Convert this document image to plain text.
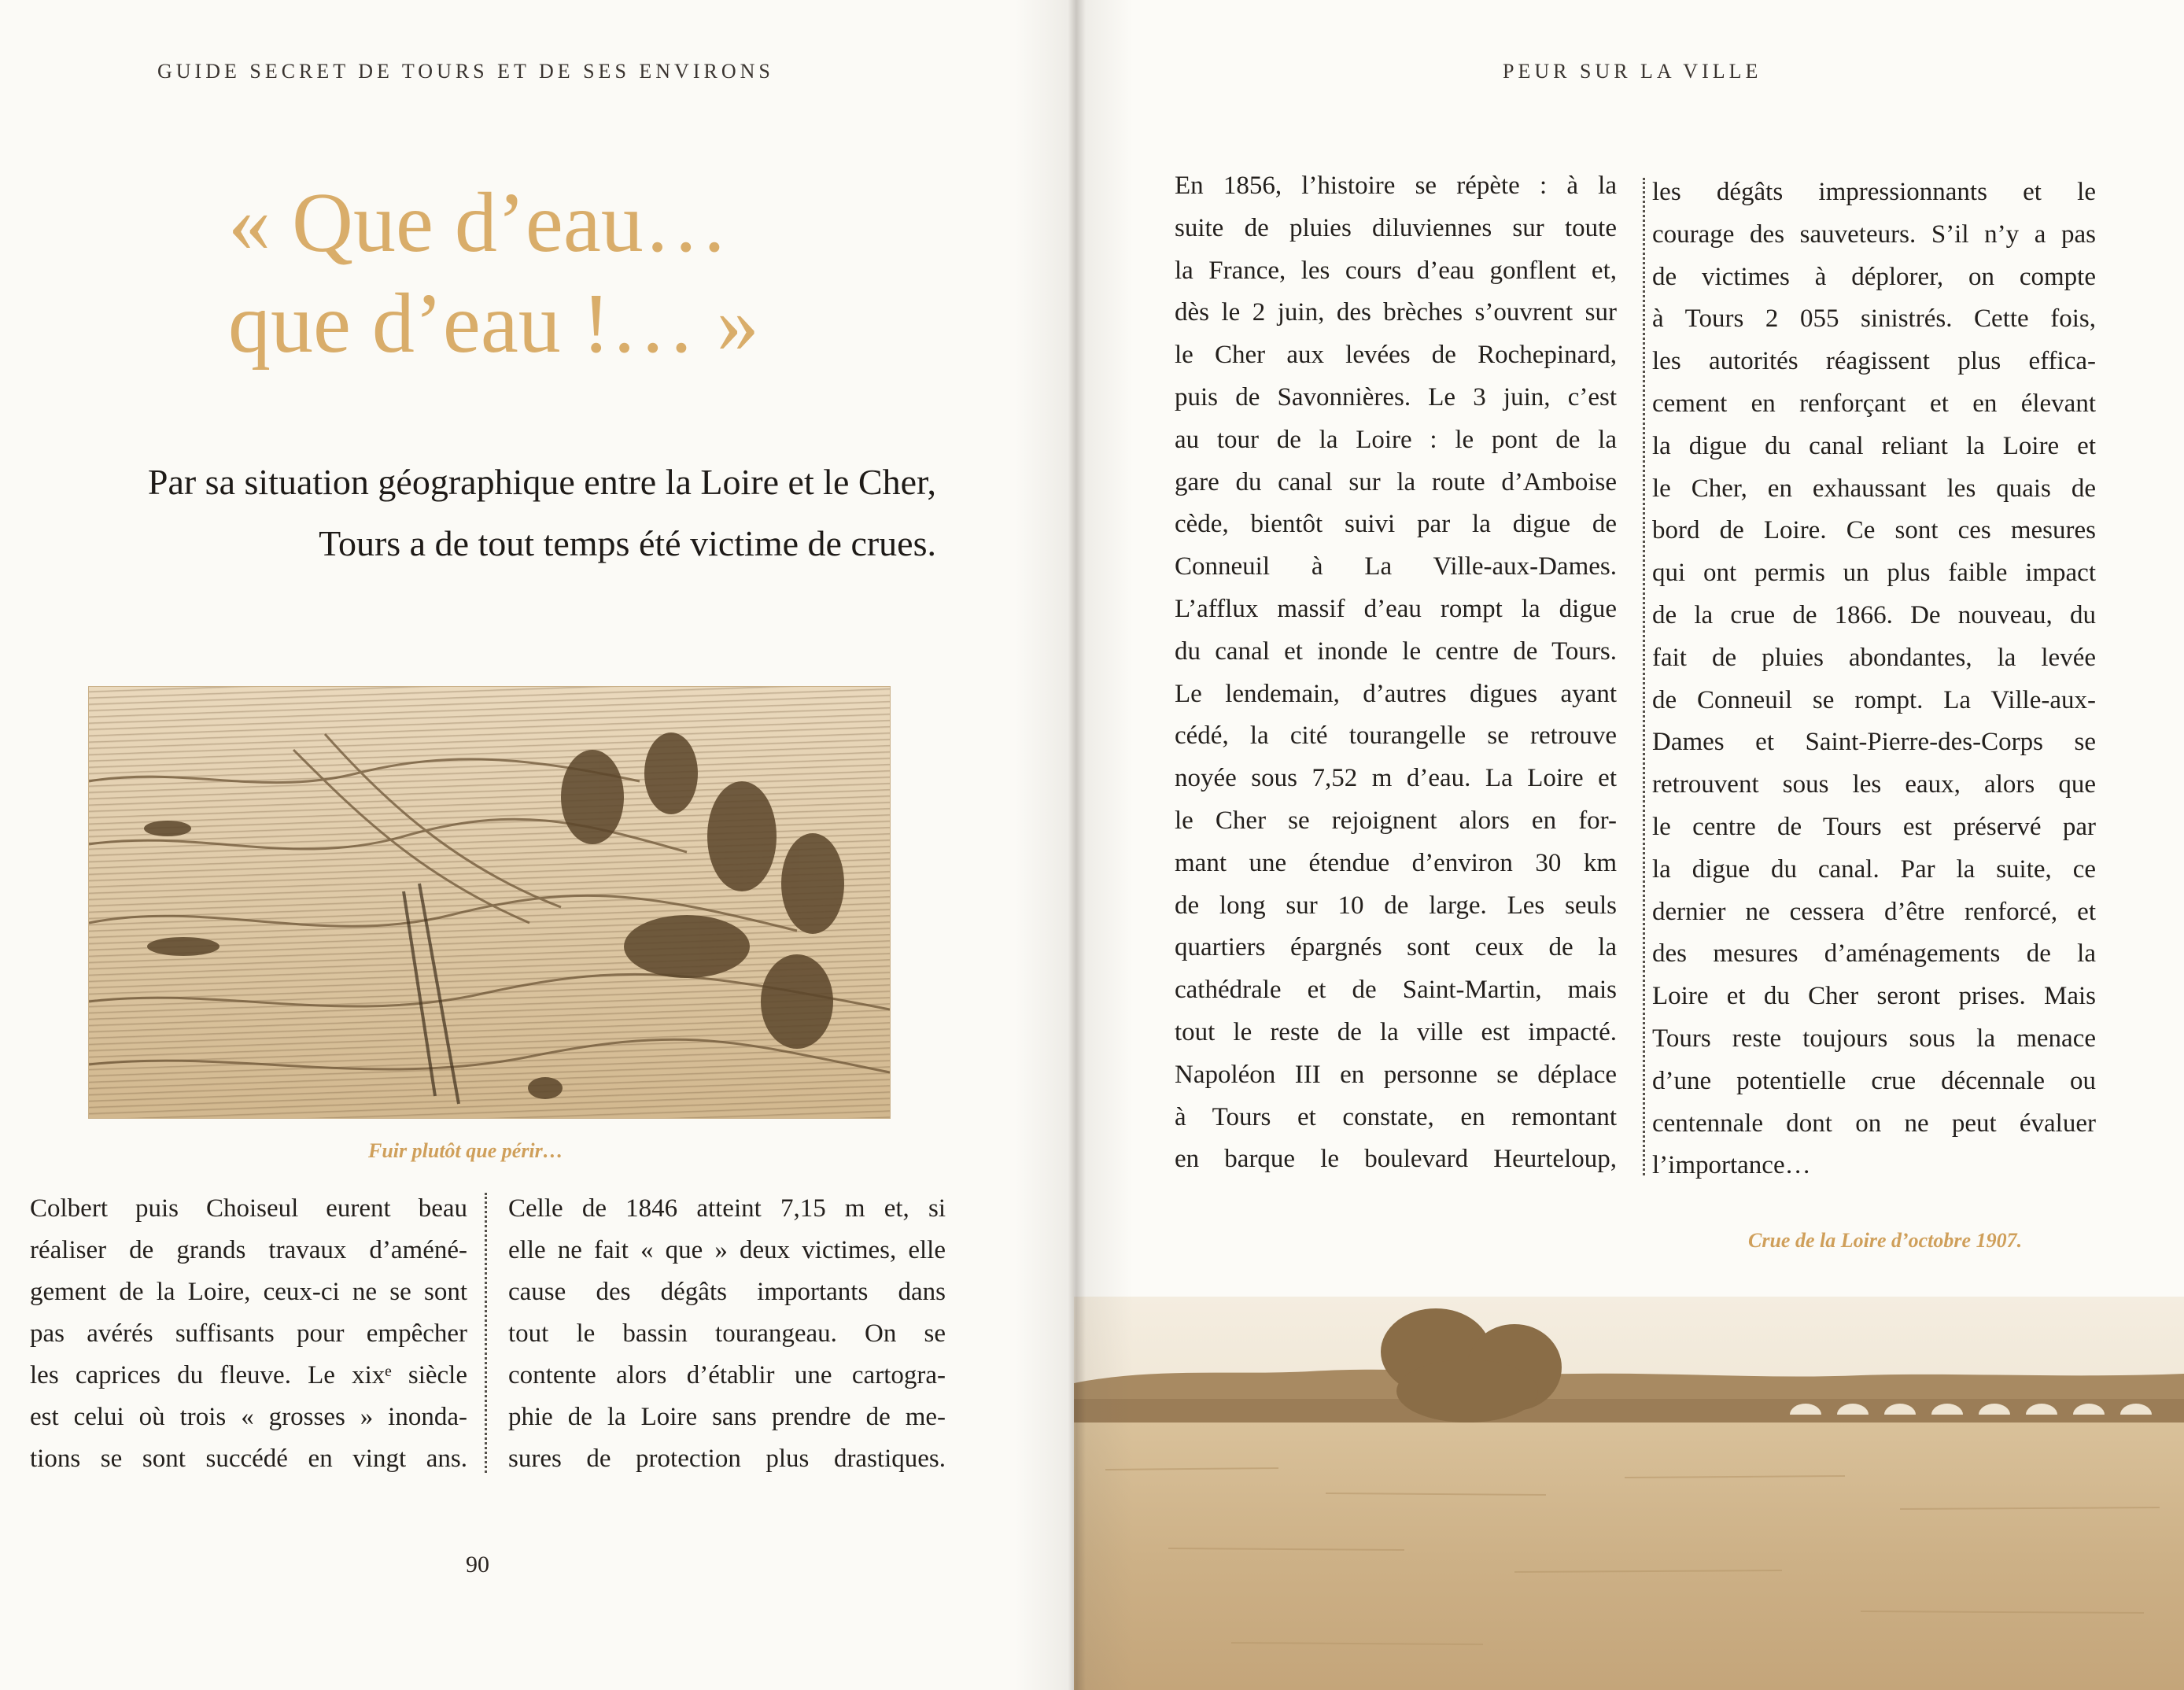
GUIDE SECRET DE TOURS ET DE SES ENVIRONS
« Que d’eau…
que d’eau !… »
Par sa situation géographique entre la Loire et le Cher,
Tours a de tout temps été victime de crues.
Fuir plutôt que périr…
Colbert puis Choiseul eurent beau
réaliser de grands travaux d’améné-
gement de la Loire, ceux-ci ne se sont
pas avérés suffisants pour empêcher
les caprices du fleuve. Le xixᵉ siècle
est celui où trois « grosses » inonda-
tions se sont succédé en vingt ans.
Celle de 1846 atteint 7,15 m et, si
elle ne fait « que » deux victimes, elle
cause des dégâts importants dans
tout le bassin tourangeau. On se
contente alors d’établir une cartogra-
phie de la Loire sans prendre de me-
sures de protection plus drastiques.
90
PEUR SUR LA VILLE
En 1856, l’histoire se répète : à la
suite de pluies diluviennes sur toute
la France, les cours d’eau gonflent et,
dès le 2 juin, des brèches s’ouvrent sur
le Cher aux levées de Rochepinard,
puis de Savonnières. Le 3 juin, c’est
au tour de la Loire : le pont de la
gare du canal sur la route d’Amboise
cède, bientôt suivi par la digue de
Conneuil à La Ville-aux-Dames.
L’afflux massif d’eau rompt la digue
du canal et inonde le centre de Tours.
Le lendemain, d’autres digues ayant
cédé, la cité tourangelle se retrouve
noyée sous 7,52 m d’eau. La Loire et
le Cher se rejoignent alors en for-
mant une étendue d’environ 30 km
de long sur 10 de large. Les seuls
quartiers épargnés sont ceux de la
cathédrale et de Saint-Martin, mais
tout le reste de la ville est impacté.
Napoléon III en personne se déplace
à Tours et constate, en remontant
en barque le boulevard Heurteloup,
les dégâts impressionnants et le
courage des sauveteurs. S’il n’y a pas
de victimes à déplorer, on compte
à Tours 2 055 sinistrés. Cette fois,
les autorités réagissent plus effica-
cement en renforçant et en élevant
la digue du canal reliant la Loire et
le Cher, en exhaussant les quais de
bord de Loire. Ce sont ces mesures
qui ont permis un plus faible impact
de la crue de 1866. De nouveau, du
fait de pluies abondantes, la levée
de Conneuil se rompt. La Ville-aux-
Dames et Saint-Pierre-des-Corps se
retrouvent sous les eaux, alors que
le centre de Tours est préservé par
la digue du canal. Par la suite, ce
dernier ne cessera d’être renforcé, et
des mesures d’aménagements de la
Loire et du Cher seront prises. Mais
Tours reste toujours sous la menace
d’une potentielle crue décennale ou
centennale dont on ne peut évaluer
l’importance…
Crue de la Loire d’octobre 1907.
